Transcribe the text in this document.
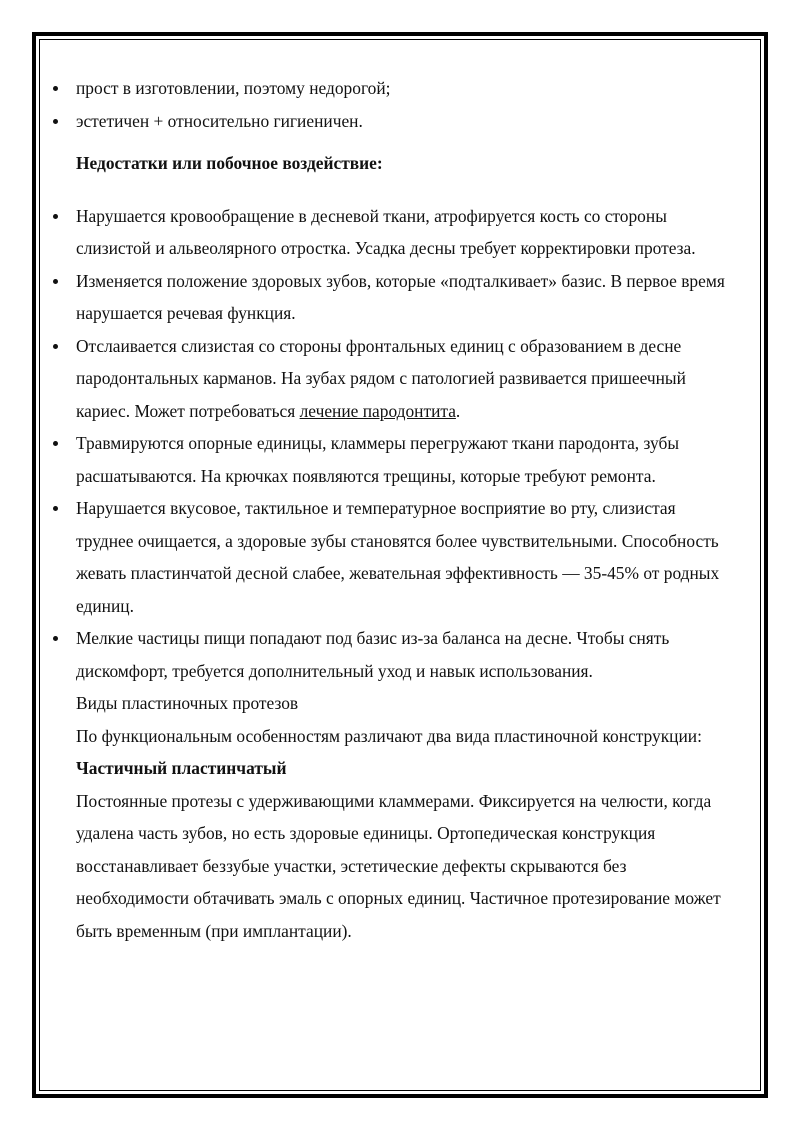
прост в изготовлении, поэтому недорогой;
эстетичен + относительно гигиеничен.
Недостатки или побочное воздействие:
Нарушается кровообращение в десневой ткани, атрофируется кость со стороны слизистой и альвеолярного отростка. Усадка десны требует корректировки протеза.
Изменяется положение здоровых зубов, которые «подталкивает» базис. В первое время нарушается речевая функция.
Отслаивается слизистая со стороны фронтальных единиц с образованием в десне пародонтальных карманов. На зубах рядом с патологией развивается пришеечный кариес. Может потребоваться лечение пародонтита.
Травмируются опорные единицы, кламмеры перегружают ткани пародонта, зубы расшатываются. На крючках появляются трещины, которые требуют ремонта.
Нарушается вкусовое, тактильное и температурное восприятие во рту, слизистая труднее очищается, а здоровые зубы становятся более чувствительными. Способность жевать пластинчатой десной слабее, жевательная эффективность — 35-45% от родных единиц.
Мелкие частицы пищи попадают под базис из-за баланса на десне. Чтобы снять дискомфорт, требуется дополнительный уход и навык использования.
Виды пластиночных протезов
По функциональным особенностям различают два вида пластиночной конструкции:
Частичный пластинчатый
Постоянные протезы с удерживающими кламмерами. Фиксируется на челюсти, когда удалена часть зубов, но есть здоровые единицы. Ортопедическая конструкция восстанавливает беззубые участки, эстетические дефекты скрываются без необходимости обтачивать эмаль с опорных единиц. Частичное протезирование может быть временным (при имплантации).
